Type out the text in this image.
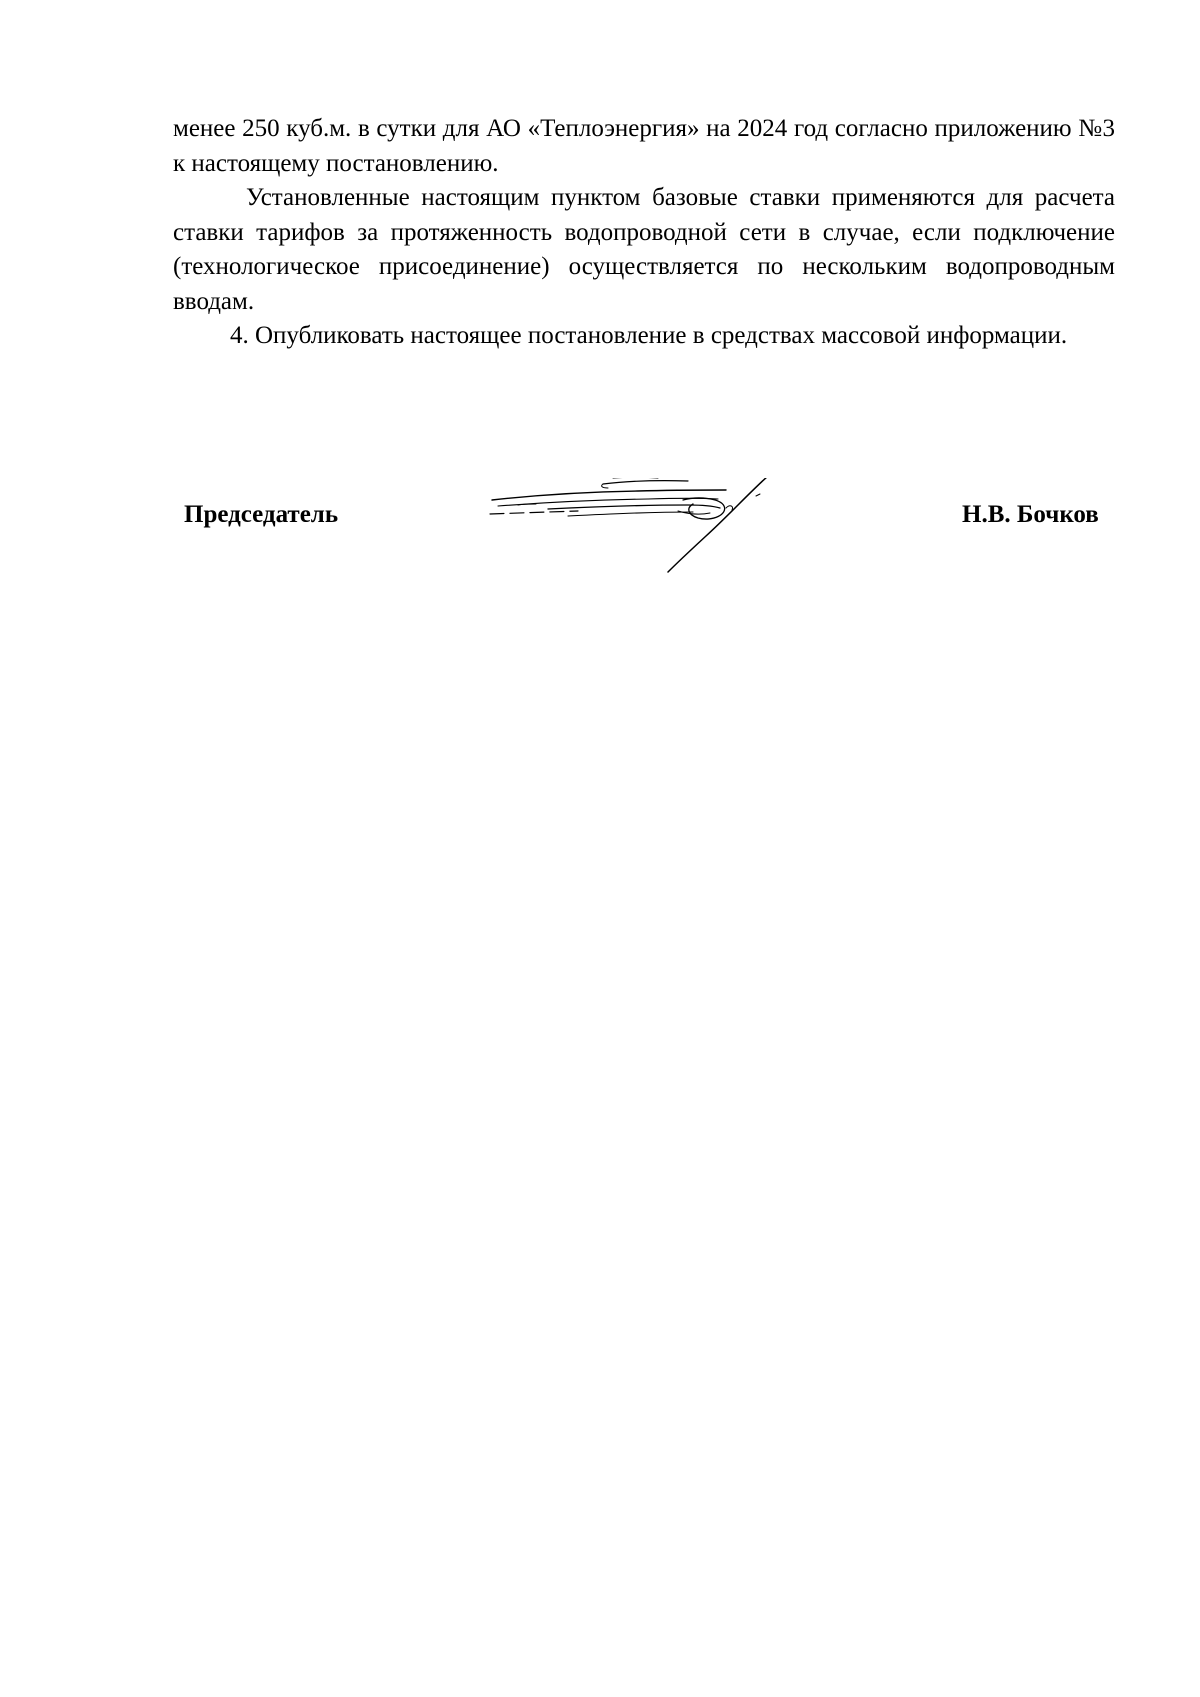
менее 250 куб.м. в сутки для АО «Теплоэнергия» на 2024 год согласно приложению №3 к настоящему постановлению.

Установленные настоящим пунктом базовые ставки применяются для расчета ставки тарифов за протяженность водопроводной сети в случае, если подключение (технологическое присоединение) осуществляется по нескольким водопроводным вводам.

4. Опубликовать настоящее постановление в средствах массовой информации.

Председатель	Н.В. Бочков
